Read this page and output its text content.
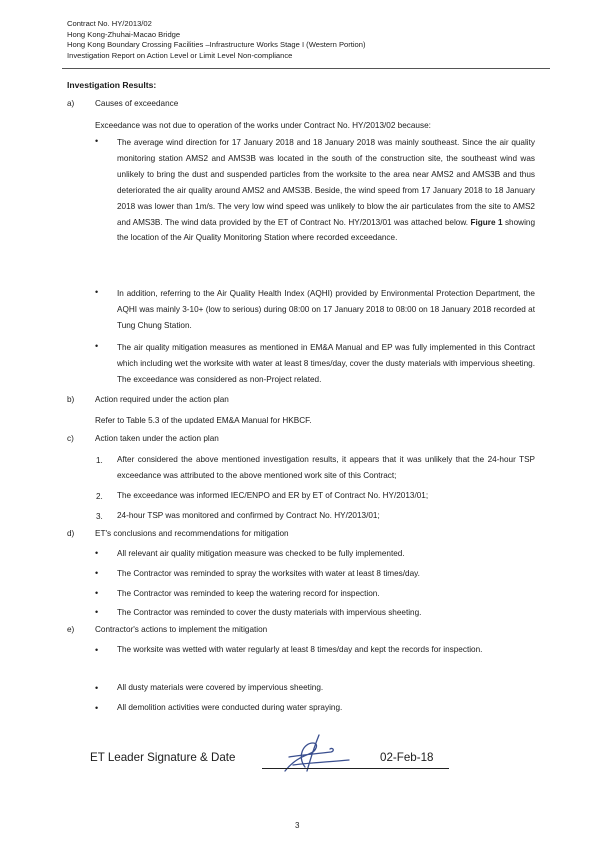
Contract No. HY/2013/02
Hong Kong-Zhuhai-Macao Bridge
Hong Kong Boundary Crossing Facilities –Infrastructure Works Stage I (Western Portion)
Investigation Report on Action Level or Limit Level Non-compliance
Investigation Results:
a)	Causes of exceedance
Exceedance was not due to operation of the works under Contract No. HY/2013/02 because:
• The average wind direction for 17 January 2018 and 18 January 2018 was mainly southeast. Since the air quality monitoring station AMS2 and AMS3B was located in the south of the construction site, the southeast wind was unlikely to bring the dust and suspended particles from the worksite to the area near AMS2 and AMS3B and thus deteriorated the air quality around AMS2 and AMS3B. Beside, the wind speed from 17 January 2018 to 18 January 2018 was lower than 1m/s. The very low wind speed was unlikely to blow the air particulates from the site to AMS2 and AMS3B. The wind data provided by the ET of Contract No. HY/2013/01 was attached below. Figure 1 showing the location of the Air Quality Monitoring Station where recorded exceedance.
• In addition, referring to the Air Quality Health Index (AQHI) provided by Environmental Protection Department, the AQHI was mainly 3-10+ (low to serious) during 08:00 on 17 January 2018 to 08:00 on 18 January 2018 recorded at Tung Chung Station.
• The air quality mitigation measures as mentioned in EM&A Manual and EP was fully implemented in this Contract which including wet the worksite with water at least 8 times/day, cover the dusty materials with impervious sheeting. The exceedance was considered as non-Project related.
b)	Action required under the action plan
Refer to Table 5.3 of the updated EM&A Manual for HKBCF.
c)	Action taken under the action plan
1. After considered the above mentioned investigation results, it appears that it was unlikely that the 24-hour TSP exceedance was attributed to the above mentioned work site of this Contract;
2. The exceedance was informed IEC/ENPO and ER by ET of Contract No. HY/2013/01;
3. 24-hour TSP was monitored and confirmed by Contract No. HY/2013/01;
d)	ET's conclusions and recommendations for mitigation
• All relevant air quality mitigation measure was checked to be fully implemented.
• The Contractor was reminded to spray the worksites with water at least 8 times/day.
• The Contractor was reminded to keep the watering record for inspection.
• The Contractor was reminded to cover the dusty materials with impervious sheeting.
e)	Contractor's actions to implement the mitigation
• The worksite was wetted with water regularly at least 8 times/day and kept the records for inspection.
• All dusty materials were covered by impervious sheeting.
• All demolition activities were conducted during water spraying.
ET Leader Signature & Date	02-Feb-18
3
